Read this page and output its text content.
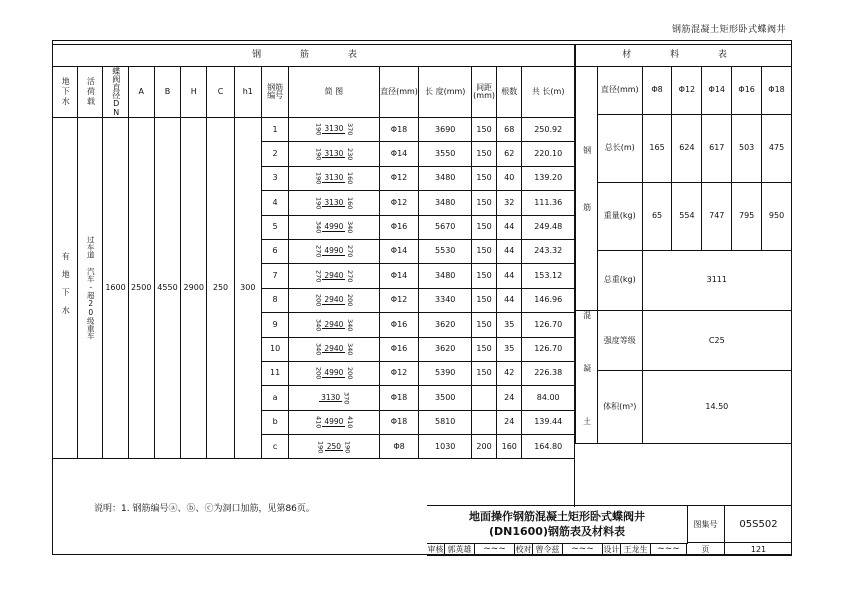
钢筋混凝土矩形卧式蝶阀井
钢 筋 表														
地下水	活荷载	蝶阀直径DN	A	B	H	C	h1	钢筋编号	简 图	直径(mm)	长 度(mm)	间距(mm)	根数	共 长(m)
有地下水	过车道 汽车-超20级重车	1600	2500	4550	2900	250	300	1	190 3130 370	Φ18	3690	150	68	250.92
								2	190 3130 230	Φ14	3550	150	62	220.10
								3	190 3130 160	Φ12	3480	150	40	139.20
								4	190 3130 160	Φ12	3480	150	32	111.36
								5	340 4990 340	Φ16	5670	150	44	249.48
								6	270 4990 270	Φ14	5530	150	44	243.32
								7	270 2940 270	Φ14	3480	150	44	153.12
								8	200 2940 200	Φ12	3340	150	44	146.96
								9	340 2940 340	Φ16	3620	150	35	126.70
								10	340 2940 340	Φ16	3620	150	35	126.70
								11	200 4990 200	Φ12	5390	150	42	226.38
								a	3130 370	Φ18	3500		24	84.00
								b	410 4990 410	Φ18	5810		24	139.44
								c	190 250 190	Φ8	1030	200	160	164.80

材 料 表						
钢 筋	直径(mm)	Φ8	Φ12	Φ14	Φ16	Φ18
	总长(m)	165	624	617	503	475
	重量(kg)	65	554	747	795	950
	总重(kg)	3111				

混 凝 土	强度等级	C25				
	体积(m³)	14.50				
说明：1. 钢筋编号ⓐ、ⓑ、ⓒ为洞口加筋，见第86页。
地面操作钢筋混凝土矩形卧式蝶阀井
(DN1600)钢筋表及材料表
图集号	05S502
审核 郭英雄	~~~	校对 曾令兹	~~~	设计 王龙生	~~~	页	121
